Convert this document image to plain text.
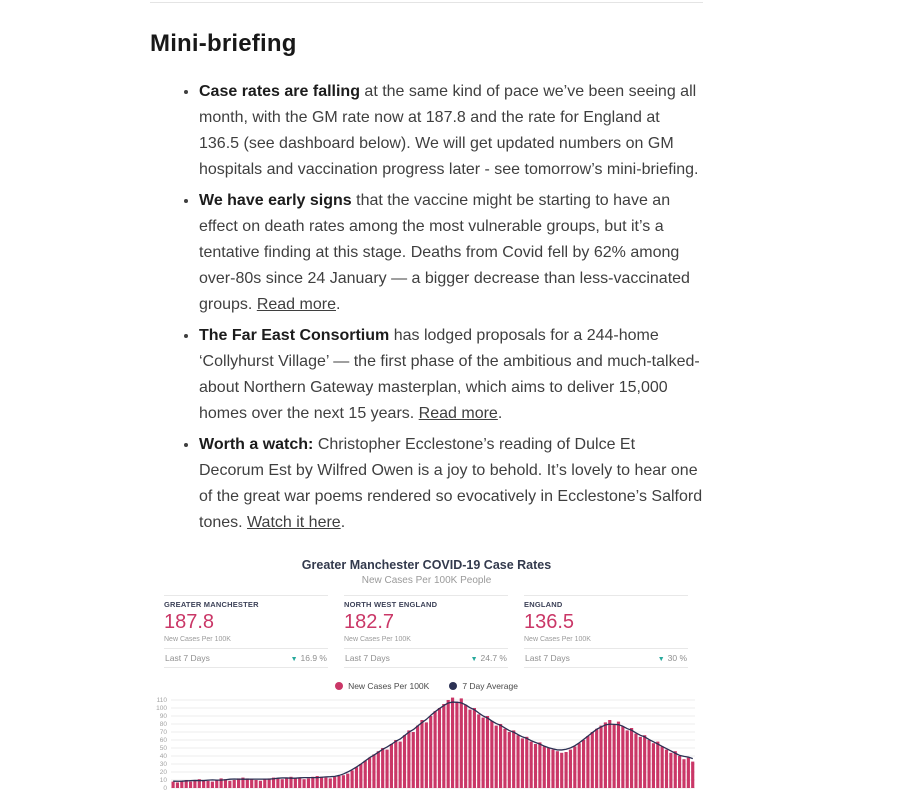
Mini-briefing
• Case rates are falling at the same kind of pace we’ve been seeing all month, with the GM rate now at 187.8 and the rate for England at 136.5 (see dashboard below). We will get updated numbers on GM hospitals and vaccination progress later - see tomorrow’s mini-briefing.
• We have early signs that the vaccine might be starting to have an effect on death rates among the most vulnerable groups, but it’s a tentative finding at this stage. Deaths from Covid fell by 62% among over-80s since 24 January — a bigger decrease than less-vaccinated groups. Read more.
• The Far East Consortium has lodged proposals for a 244-home ‘Collyhurst Village’ — the first phase of the ambitious and much-talked-about Northern Gateway masterplan, which aims to deliver 15,000 homes over the next 15 years. Read more.
• Worth a watch: Christopher Ecclestone’s reading of Dulce Et Decorum Est by Wilfred Owen is a joy to behold. It’s lovely to hear one of the great war poems rendered so evocatively in Ecclestone’s Salford tones. Watch it here.
Greater Manchester COVID-19 Case Rates
New Cases Per 100K People
GREATER MANCHESTER
187.8
New Cases Per 100K
Last 7 Days	▼ 16.9 %
NORTH WEST ENGLAND
182.7
New Cases Per 100K
Last 7 Days	▼ 24.7 %
ENGLAND
136.5
New Cases Per 100K
Last 7 Days	▼ 30 %
New Cases Per 100K	7 Day Average
110
100
90
80
70
60
50
40
30
20
10
0
